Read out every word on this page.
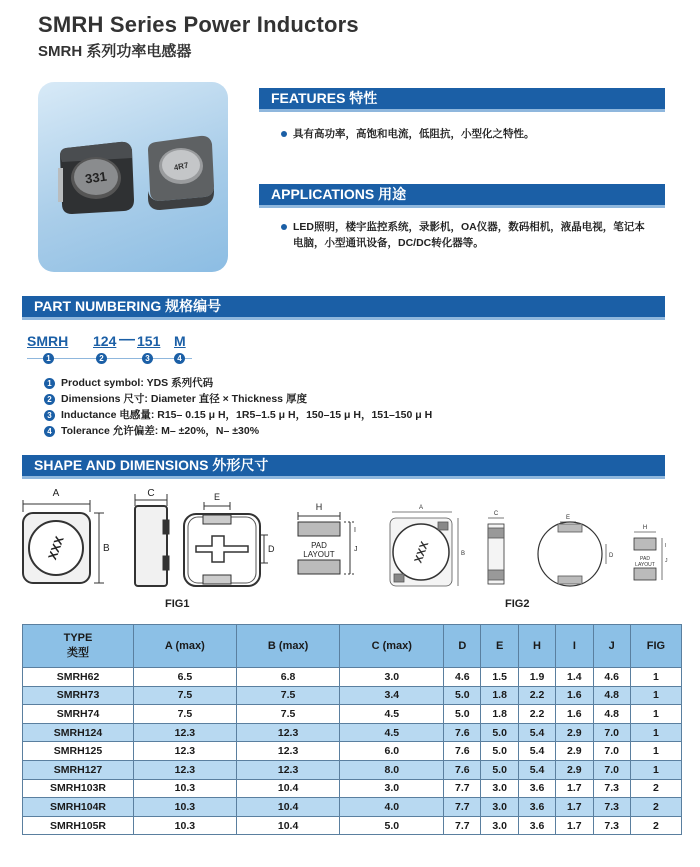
SMRH Series Power Inductors
SMRH 系列功率电感器
331
4R7
FEATURES 特性
具有高功率，高饱和电流，低阻抗，小型化之特性。
APPLICATIONS 用途
LED照明，楼宇监控系统，录影机，OA仪器，数码相机，液晶电视，笔记本
电脑，小型通讯设备，DC/DC转化器等。
PART NUMBERING 规格编号
SMRH 124 — 151 M
1	2	3	4
1 Product symbol: YDS 系列代码
2 Dimensions 尺寸: Diameter 直径 × Thickness 厚度
3 Inductance 电感量: R15– 0.15 μ H，1R5–1.5 μ H，150–15 μ H，151–150 μ H
4 Tolerance 允许偏差: M– ±20%，N– ±30%
SHAPE AND DIMENSIONS 外形尺寸
A
B
XXX
C	E
D
H
PAD
LAYOUT
I
J
FIG1
A
B
XXX
C
E
D
H
PAD
LAYOUT
I
J
FIG2
TYPE
类型	A (max)	B (max)	C (max)	D	E	H	I	J	FIG
SMRH62	6.5	6.8	3.0	4.6	1.5	1.9	1.4	4.6	1
SMRH73	7.5	7.5	3.4	5.0	1.8	2.2	1.6	4.8	1
SMRH74	7.5	7.5	4.5	5.0	1.8	2.2	1.6	4.8	1
SMRH124	12.3	12.3	4.5	7.6	5.0	5.4	2.9	7.0	1
SMRH125	12.3	12.3	6.0	7.6	5.0	5.4	2.9	7.0	1
SMRH127	12.3	12.3	8.0	7.6	5.0	5.4	2.9	7.0	1
SMRH103R	10.3	10.4	3.0	7.7	3.0	3.6	1.7	7.3	2
SMRH104R	10.3	10.4	4.0	7.7	3.0	3.6	1.7	7.3	2
SMRH105R	10.3	10.4	5.0	7.7	3.0	3.6	1.7	7.3	2
